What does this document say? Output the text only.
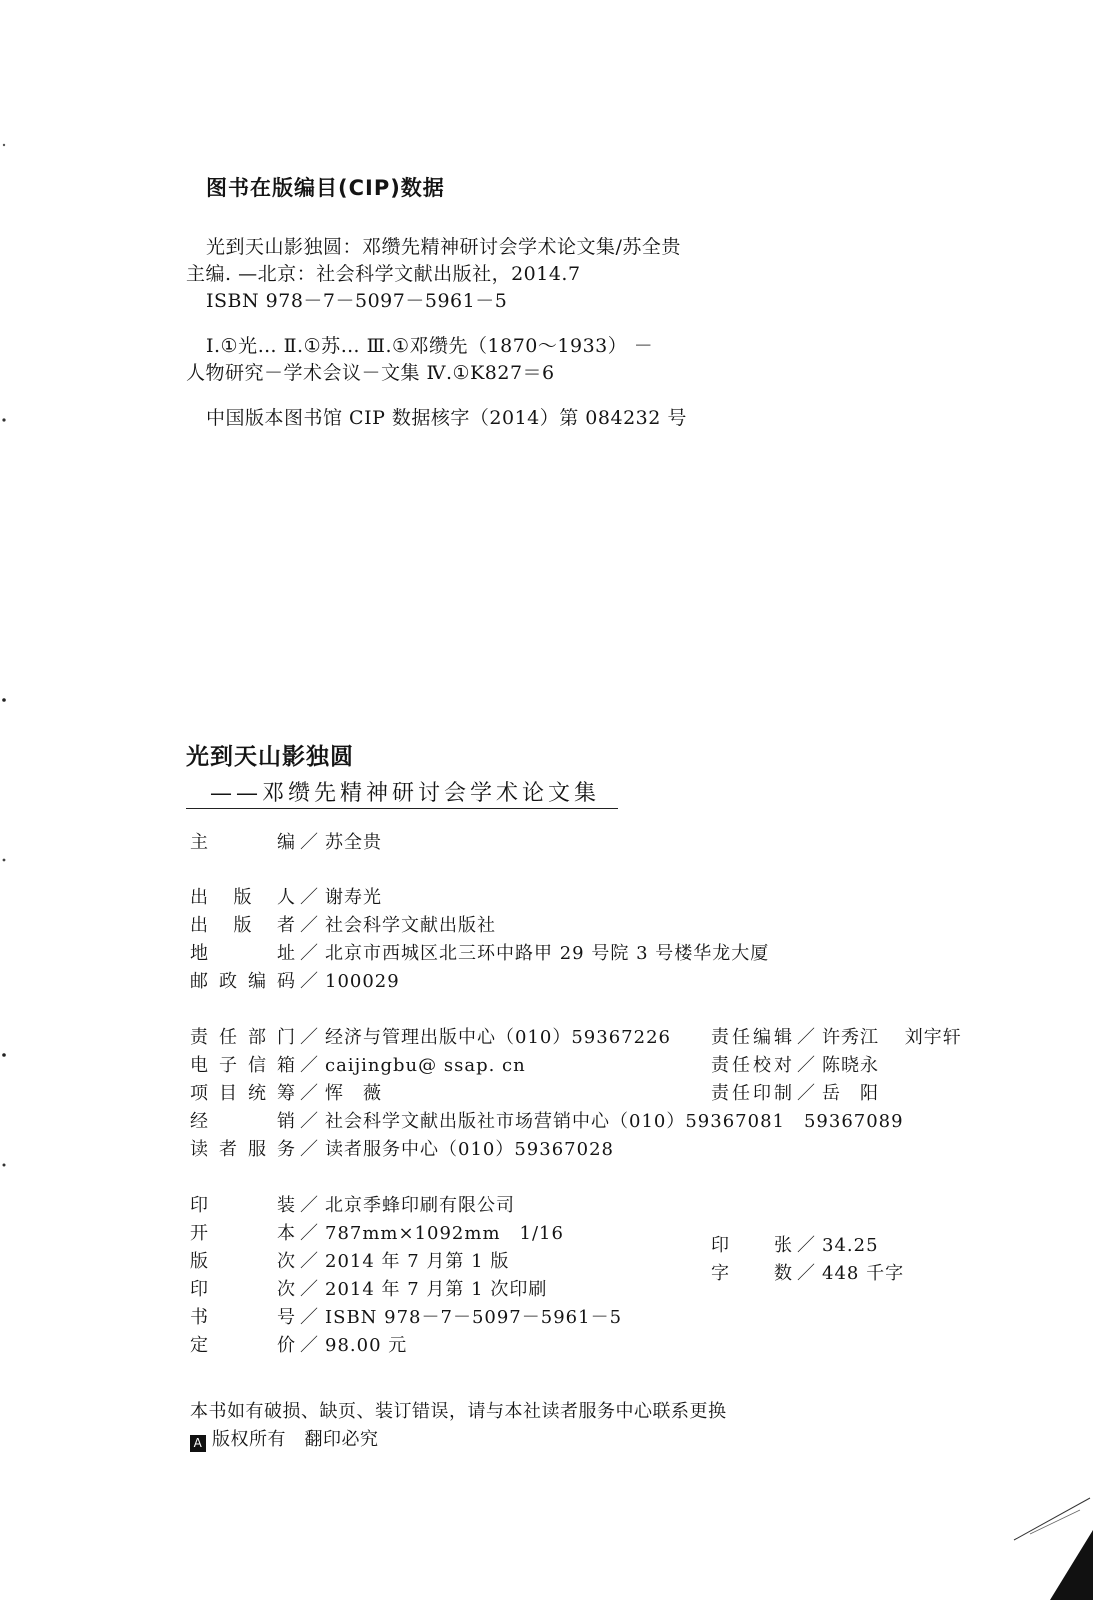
图书在版编目(CIP)数据
光到天山影独圆：邓缵先精神研讨会学术论文集/苏全贵
主编. —北京：社会科学文献出版社，2014.7
ISBN 978－7－5097－5961－5
Ⅰ.①光… Ⅱ.①苏… Ⅲ.①邓缵先（1870～1933） －
人物研究－学术会议－文集 Ⅳ.①K827＝6
中国版本图书馆 CIP 数据核字（2014）第 084232 号
光到天山影独圆
——邓缵先精神研讨会学术论文集
主编 ／ 苏全贵
出版人 ／ 谢寿光
出版者 ／ 社会科学文献出版社
地址 ／ 北京市西城区北三环中路甲 29 号院 3 号楼华龙大厦
邮政编码 ／ 100029
责任部门 ／ 经济与管理出版中心（010）59367226
电子信箱 ／ caijingbu@ ssap. cn
项目统筹 ／ 恽　薇
经销 ／ 社会科学文献出版社市场营销中心（010）59367081　59367089
读者服务 ／ 读者服务中心（010）59367028
责任编辑 ／ 许秀江　 刘宇轩
责任校对 ／ 陈晓永
责任印制 ／ 岳　阳
印装 ／ 北京季蜂印刷有限公司
开本 ／ 787mm×1092mm　1/16
版次 ／ 2014 年 7 月第 1 版
印次 ／ 2014 年 7 月第 1 次印刷
书号 ／ ISBN 978－7－5097－5961－5
定价 ／ 98.00 元
印张 ／ 34.25
字数 ／ 448 千字
本书如有破损、缺页、装订错误，请与本社读者服务中心联系更换
A 版权所有　翻印必究
